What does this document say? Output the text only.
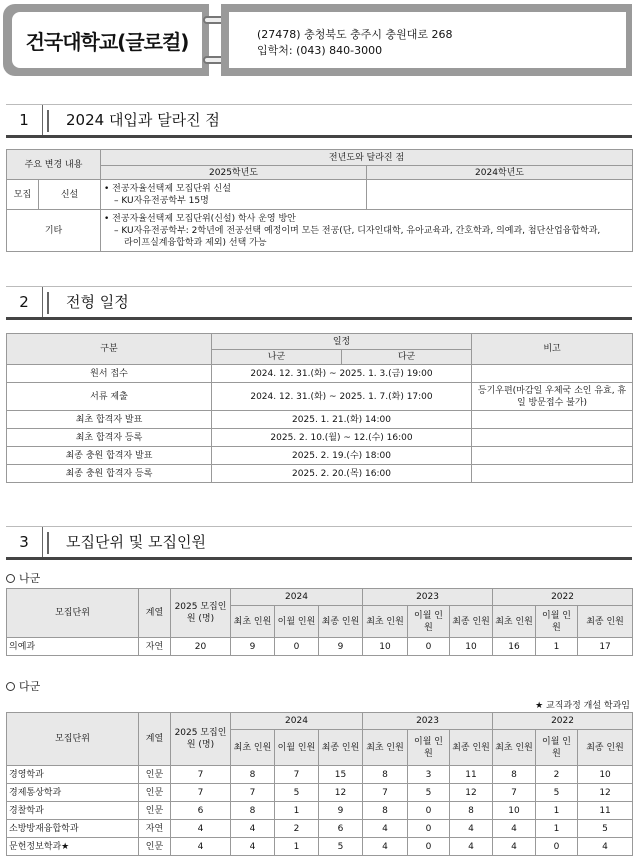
건국대학교(글로컬)	(27478) 충청북도 충주시 충원대로 268
입학처: (043) 840-3000
1	2024 대입과 달라진 점
주요 변경 내용		전년도와 달라진 점	
		2025학년도	2024학년도
모집	신설	• 전공자율선택제 모집단위 신설
– KU자유전공학부 15명	

기타		• 전공자율선택제 모집단위(신설) 학사 운영 방안
– KU자유전공학부: 2학년에 전공선택 예정이며 모든 전공(단, 디자인대학, 유아교육과, 간호학과, 의예과, 첨단산업융합학과,
라이프실계융합학과 제외) 선택 가능	
2	전형 일정
구분	일정		비고
	나군	다군	
원서 접수	2024. 12. 31.(화) ~ 2025. 1. 3.(금) 19:00		
서류 제출	2024. 12. 31.(화) ~ 2025. 1. 7.(화) 17:00		등기우편(마감일 우체국 소인 유효, 휴일 방문접수 불가)
최초 합격자 발표	2025. 1. 21.(화) 14:00		
최초 합격자 등록	2025. 2. 10.(월) ~ 12.(수) 16:00		
최종 충원 합격자 발표	2025. 2. 19.(수) 18:00		
최종 충원 합격자 등록	2025. 2. 20.(목) 16:00		
3	모집단위 및 모집인원
나군
모집단위	계열	2025 모집인원 (명)	2024			2023			2022		
			최초 인원	이월 인원	최종 인원	최초 인원	이월 인원	최종 인원	최초 인원	이월 인원	최종 인원
의예과	자연	20	9	0	9	10	0	10	16	1	17
다군
★ 교직과정 개설 학과임
모집단위	계열	2025 모집인원 (명)	2024			2023			2022		
			최초 인원	이월 인원	최종 인원	최초 인원	이월 인원	최종 인원	최초 인원	이월 인원	최종 인원
경영학과	인문	7	8	7	15	8	3	11	8	2	10
경제통상학과	인문	7	7	5	12	7	5	12	7	5	12
경찰학과	인문	6	8	1	9	8	0	8	10	1	11
소방방재융합학과	자연	4	4	2	6	4	0	4	4	1	5
문헌정보학과★	인문	4	4	1	5	4	0	4	4	0	4
